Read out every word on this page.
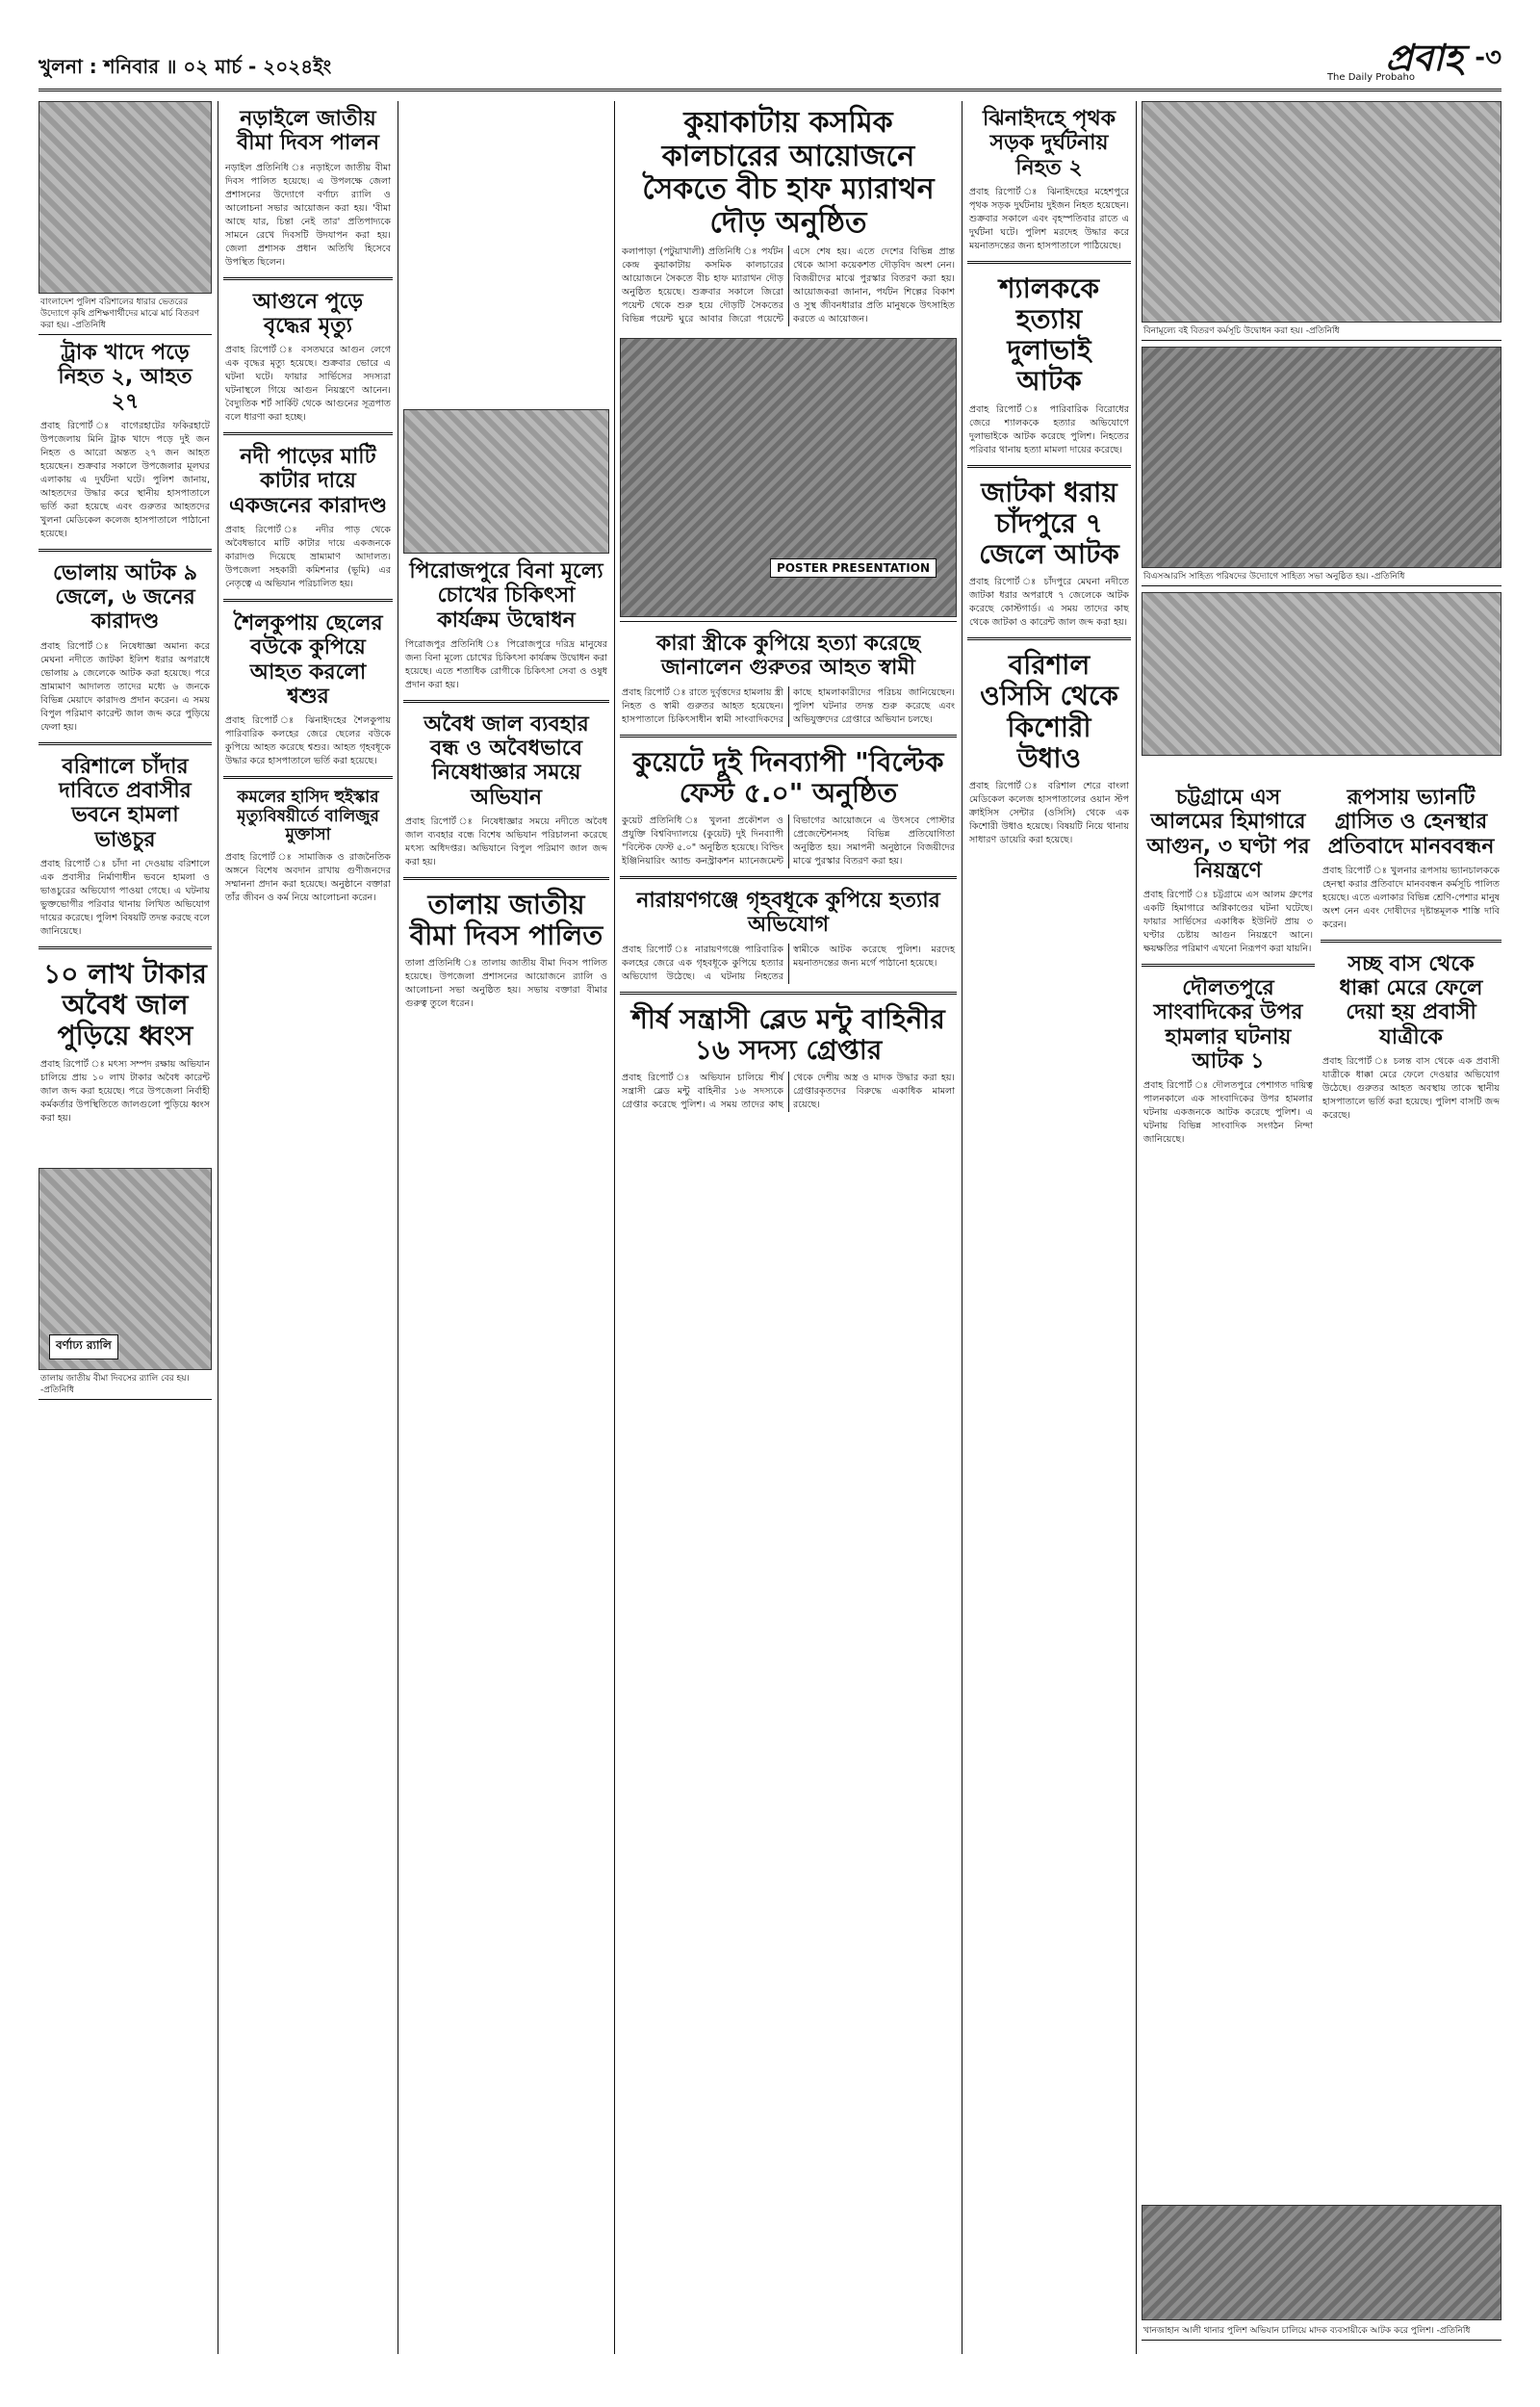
খুলনা : শনিবার ॥ ০২ মার্চ - ২০২৪ইং	প্রবাহ
The Daily Probaho
-৩
বাংলাদেশ পুলিশ বরিশালের ধারার ভেতরের উদ্যোগে কৃষি প্রশিক্ষণার্থীদের মাঝে মার্চ বিতরণ করা হয়। -প্রতিনিধি
ট্রাক খাদে পড়ে নিহত ২, আহত ২৭
প্রবাহ রিপোর্ট ঃ বাগেরহাটের ফকিরহাটে উপজেলায় মিনি ট্রাক খাদে পড়ে দুই জন নিহত ও আরো অন্তত ২৭ জন আহত হয়েছেন। শুক্রবার সকালে উপজেলার মূলঘর এলাকায় এ দুর্ঘটনা ঘটে। পুলিশ জানায়, আহতদের উদ্ধার করে স্থানীয় হাসপাতালে ভর্তি করা হয়েছে এবং গুরুতর আহতদের খুলনা মেডিকেল কলেজ হাসপাতালে পাঠানো হয়েছে।
ভোলায় আটক ৯ জেলে, ৬ জনের কারাদণ্ড
প্রবাহ রিপোর্ট ঃ নিষেধাজ্ঞা অমান্য করে মেঘনা নদীতে জাটকা ইলিশ ধরার অপরাধে ভোলায় ৯ জেলেকে আটক করা হয়েছে। পরে ভ্রাম্যমাণ আদালত তাদের মধ্যে ৬ জনকে বিভিন্ন মেয়াদে কারাদণ্ড প্রদান করেন। এ সময় বিপুল পরিমাণ কারেন্ট জাল জব্দ করে পুড়িয়ে ফেলা হয়।
বরিশালে চাঁদার দাবিতে প্রবাসীর ভবনে হামলা ভাঙচুর
প্রবাহ রিপোর্ট ঃ চাঁদা না দেওয়ায় বরিশালে এক প্রবাসীর নির্মাণাধীন ভবনে হামলা ও ভাঙচুরের অভিযোগ পাওয়া গেছে। এ ঘটনায় ভুক্তভোগীর পরিবার থানায় লিখিত অভিযোগ দায়ের করেছে। পুলিশ বিষয়টি তদন্ত করছে বলে জানিয়েছে।
১০ লাখ টাকার অবৈধ জাল পুড়িয়ে ধ্বংস
প্রবাহ রিপোর্ট ঃ মৎস্য সম্পদ রক্ষায় অভিযান চালিয়ে প্রায় ১০ লাখ টাকার অবৈধ কারেন্ট জাল জব্দ করা হয়েছে। পরে উপজেলা নির্বাহী কর্মকর্তার উপস্থিতিতে জালগুলো পুড়িয়ে ধ্বংস করা হয়।
বর্ণাঢ্য র‌্যালি
তালায় জাতীয় বীমা দিবসের র‌্যালি বের হয়। -প্রতিনিধি
নড়াইলে জাতীয় বীমা দিবস পালন
নড়াইল প্রতিনিধি ঃ নড়াইলে জাতীয় বীমা দিবস পালিত হয়েছে। এ উপলক্ষে জেলা প্রশাসনের উদ্যোগে বর্ণাঢ্য র‌্যালি ও আলোচনা সভার আয়োজন করা হয়। 'বীমা আছে যার, চিন্তা নেই তার' প্রতিপাদ্যকে সামনে রেখে দিবসটি উদযাপন করা হয়। জেলা প্রশাসক প্রধান অতিথি হিসেবে উপস্থিত ছিলেন।
আগুনে পুড়ে বৃদ্ধের মৃত্যু
প্রবাহ রিপোর্ট ঃ বসতঘরে আগুন লেগে এক বৃদ্ধের মৃত্যু হয়েছে। শুক্রবার ভোরে এ ঘটনা ঘটে। ফায়ার সার্ভিসের সদস্যরা ঘটনাস্থলে গিয়ে আগুন নিয়ন্ত্রণে আনেন। বৈদ্যুতিক শর্ট সার্কিট থেকে আগুনের সূত্রপাত বলে ধারণা করা হচ্ছে।
নদী পাড়ের মাটি কাটার দায়ে একজনের কারাদণ্ড
প্রবাহ রিপোর্ট ঃ নদীর পাড় থেকে অবৈধভাবে মাটি কাটার দায়ে একজনকে কারাদণ্ড দিয়েছে ভ্রাম্যমাণ আদালত। উপজেলা সহকারী কমিশনার (ভূমি) এর নেতৃত্বে এ অভিযান পরিচালিত হয়।
শৈলকুপায় ছেলের বউকে কুপিয়ে আহত করলো শ্বশুর
প্রবাহ রিপোর্ট ঃ ঝিনাইদহের শৈলকুপায় পারিবারিক কলহের জেরে ছেলের বউকে কুপিয়ে আহত করেছে শ্বশুর। আহত গৃহবধূকে উদ্ধার করে হাসপাতালে ভর্তি করা হয়েছে।
কমলের হাসিদ হুইস্কার মৃত্যুবিষয়ীর্তে বালিজুর মুক্তাসা
প্রবাহ রিপোর্ট ঃ সামাজিক ও রাজনৈতিক অঙ্গনে বিশেষ অবদান রাখায় গুণীজনদের সম্মাননা প্রদান করা হয়েছে। অনুষ্ঠানে বক্তারা তাঁর জীবন ও কর্ম নিয়ে আলোচনা করেন।
পিরোজপুরে বিনা মূল্যে চোখের চিকিৎসা কার্যক্রম উদ্বোধন
পিরোজপুর প্রতিনিধি ঃ পিরোজপুরে দরিদ্র মানুষের জন্য বিনা মূল্যে চোখের চিকিৎসা কার্যক্রম উদ্বোধন করা হয়েছে। এতে শতাধিক রোগীকে চিকিৎসা সেবা ও ওষুধ প্রদান করা হয়।
অবৈধ জাল ব্যবহার বন্ধ ও অবৈধভাবে নিষেধাজ্ঞার সময়ে অভিযান
প্রবাহ রিপোর্ট ঃ নিষেধাজ্ঞার সময়ে নদীতে অবৈধ জাল ব্যবহার বন্ধে বিশেষ অভিযান পরিচালনা করেছে মৎস্য অধিদপ্তর। অভিযানে বিপুল পরিমাণ জাল জব্দ করা হয়।
তালায় জাতীয় বীমা দিবস পালিত
তালা প্রতিনিধি ঃ তালায় জাতীয় বীমা দিবস পালিত হয়েছে। উপজেলা প্রশাসনের আয়োজনে র‌্যালি ও আলোচনা সভা অনুষ্ঠিত হয়। সভায় বক্তারা বীমার গুরুত্ব তুলে ধরেন।
কুয়াকাটায় কসমিক কালচারের আয়োজনে সৈকতে বীচ হাফ ম্যারাথন দৌড় অনুষ্ঠিত
কলাপাড়া (পটুয়াখালী) প্রতিনিধি ঃ পর্যটন কেন্দ্র কুয়াকাটায় কসমিক কালচারের আয়োজনে সৈকতে বীচ হাফ ম্যারাথন দৌড় অনুষ্ঠিত হয়েছে। শুক্রবার সকালে জিরো পয়েন্ট থেকে শুরু হয়ে দৌড়টি সৈকতের বিভিন্ন পয়েন্ট ঘুরে আবার জিরো পয়েন্টে এসে শেষ হয়। এতে দেশের বিভিন্ন প্রান্ত থেকে আসা কয়েকশত দৌড়বিদ অংশ নেন। বিজয়ীদের মাঝে পুরস্কার বিতরণ করা হয়। আয়োজকরা জানান, পর্যটন শিল্পের বিকাশ ও সুস্থ জীবনধারার প্রতি মানুষকে উৎসাহিত করতে এ আয়োজন।
POSTER PRESENTATION
কারা স্ত্রীকে কুপিয়ে হত্যা করেছে জানালেন গুরুতর আহত স্বামী
প্রবাহ রিপোর্ট ঃ রাতে দুর্বৃত্তদের হামলায় স্ত্রী নিহত ও স্বামী গুরুতর আহত হয়েছেন। হাসপাতালে চিকিৎসাধীন স্বামী সাংবাদিকদের কাছে হামলাকারীদের পরিচয় জানিয়েছেন। পুলিশ ঘটনার তদন্ত শুরু করেছে এবং অভিযুক্তদের গ্রেপ্তারে অভিযান চলছে।
কুয়েটে দুই দিনব্যাপী "বিল্টেক ফেস্ট ৫.০" অনুষ্ঠিত
কুয়েট প্রতিনিধি ঃ খুলনা প্রকৌশল ও প্রযুক্তি বিশ্ববিদ্যালয়ে (কুয়েট) দুই দিনব্যাপী "বিল্টেক ফেস্ট ৫.০" অনুষ্ঠিত হয়েছে। বিল্ডিং ইঞ্জিনিয়ারিং অ্যান্ড কনস্ট্রাকশন ম্যানেজমেন্ট বিভাগের আয়োজনে এ উৎসবে পোস্টার প্রেজেন্টেশনসহ বিভিন্ন প্রতিযোগিতা অনুষ্ঠিত হয়। সমাপনী অনুষ্ঠানে বিজয়ীদের মাঝে পুরস্কার বিতরণ করা হয়।
নারায়ণগঞ্জে গৃহবধূকে কুপিয়ে হত্যার অভিযোগ
প্রবাহ রিপোর্ট ঃ নারায়ণগঞ্জে পারিবারিক কলহের জেরে এক গৃহবধূকে কুপিয়ে হত্যার অভিযোগ উঠেছে। এ ঘটনায় নিহতের স্বামীকে আটক করেছে পুলিশ। মরদেহ ময়নাতদন্তের জন্য মর্গে পাঠানো হয়েছে।
শীর্ষ সন্ত্রাসী ব্লেড মন্টু বাহিনীর ১৬ সদস্য গ্রেপ্তার
প্রবাহ রিপোর্ট ঃ অভিযান চালিয়ে শীর্ষ সন্ত্রাসী ব্লেড মন্টু বাহিনীর ১৬ সদস্যকে গ্রেপ্তার করেছে পুলিশ। এ সময় তাদের কাছ থেকে দেশীয় অস্ত্র ও মাদক উদ্ধার করা হয়। গ্রেপ্তারকৃতদের বিরুদ্ধে একাধিক মামলা রয়েছে।
ঝিনাইদহে পৃথক সড়ক দুর্ঘটনায় নিহত ২
প্রবাহ রিপোর্ট ঃ ঝিনাইদহের মহেশপুরে পৃথক সড়ক দুর্ঘটনায় দুইজন নিহত হয়েছেন। শুক্রবার সকালে এবং বৃহস্পতিবার রাতে এ দুর্ঘটনা ঘটে। পুলিশ মরদেহ উদ্ধার করে ময়নাতদন্তের জন্য হাসপাতালে পাঠিয়েছে।
শ্যালককে হত্যায় দুলাভাই আটক
প্রবাহ রিপোর্ট ঃ পারিবারিক বিরোধের জেরে শ্যালককে হত্যার অভিযোগে দুলাভাইকে আটক করেছে পুলিশ। নিহতের পরিবার থানায় হত্যা মামলা দায়ের করেছে।
জাটকা ধরায় চাঁদপুরে ৭ জেলে আটক
প্রবাহ রিপোর্ট ঃ চাঁদপুরে মেঘনা নদীতে জাটকা ধরার অপরাধে ৭ জেলেকে আটক করেছে কোস্টগার্ড। এ সময় তাদের কাছ থেকে জাটকা ও কারেন্ট জাল জব্দ করা হয়।
বরিশাল ওসিসি থেকে কিশোরী উধাও
প্রবাহ রিপোর্ট ঃ বরিশাল শেরে বাংলা মেডিকেল কলেজ হাসপাতালের ওয়ান স্টপ ক্রাইসিস সেন্টার (ওসিসি) থেকে এক কিশোরী উধাও হয়েছে। বিষয়টি নিয়ে থানায় সাধারণ ডায়েরি করা হয়েছে।
চট্টগ্রামে এস আলমের হিমাগারে আগুন, ৩ ঘণ্টা পর নিয়ন্ত্রণে
প্রবাহ রিপোর্ট ঃ চট্টগ্রামে এস আলম গ্রুপের একটি হিমাগারে অগ্নিকাণ্ডের ঘটনা ঘটেছে। ফায়ার সার্ভিসের একাধিক ইউনিট প্রায় ৩ ঘণ্টার চেষ্টায় আগুন নিয়ন্ত্রণে আনে। ক্ষয়ক্ষতির পরিমাণ এখনো নিরূপণ করা যায়নি।
দৌলতপুরে সাংবাদিকের উপর হামলার ঘটনায় আটক ১
প্রবাহ রিপোর্ট ঃ দৌলতপুরে পেশাগত দায়িত্ব পালনকালে এক সাংবাদিকের উপর হামলার ঘটনায় একজনকে আটক করেছে পুলিশ। এ ঘটনায় বিভিন্ন সাংবাদিক সংগঠন নিন্দা জানিয়েছে।
বিনামূল্যে বই বিতরণ কর্মসূচি উদ্বোধন করা হয়। -প্রতিনিধি
বিএসআরসি সাহিত্য পরিষদের উদ্যোগে সাহিত্য সভা অনুষ্ঠিত হয়। -প্রতিনিধি
রূপসায় ভ্যানটি গ্রাসিত ও হেনস্থার প্রতিবাদে মানববন্ধন
প্রবাহ রিপোর্ট ঃ খুলনার রূপসায় ভ্যানচালককে হেনস্থা করার প্রতিবাদে মানববন্ধন কর্মসূচি পালিত হয়েছে। এতে এলাকার বিভিন্ন শ্রেণি-পেশার মানুষ অংশ নেন এবং দোষীদের দৃষ্টান্তমূলক শাস্তি দাবি করেন।
সচ্ছ বাস থেকে ধাক্কা মেরে ফেলে দেয়া হয় প্রবাসী যাত্রীকে
প্রবাহ রিপোর্ট ঃ চলন্ত বাস থেকে এক প্রবাসী যাত্রীকে ধাক্কা মেরে ফেলে দেওয়ার অভিযোগ উঠেছে। গুরুতর আহত অবস্থায় তাকে স্থানীয় হাসপাতালে ভর্তি করা হয়েছে। পুলিশ বাসটি জব্দ করেছে।
খানজাহান আলী থানার পুলিশ অভিযান চালিয়ে মাদক ব্যবসায়ীকে আটক করে পুলিশ। -প্রতিনিধি
